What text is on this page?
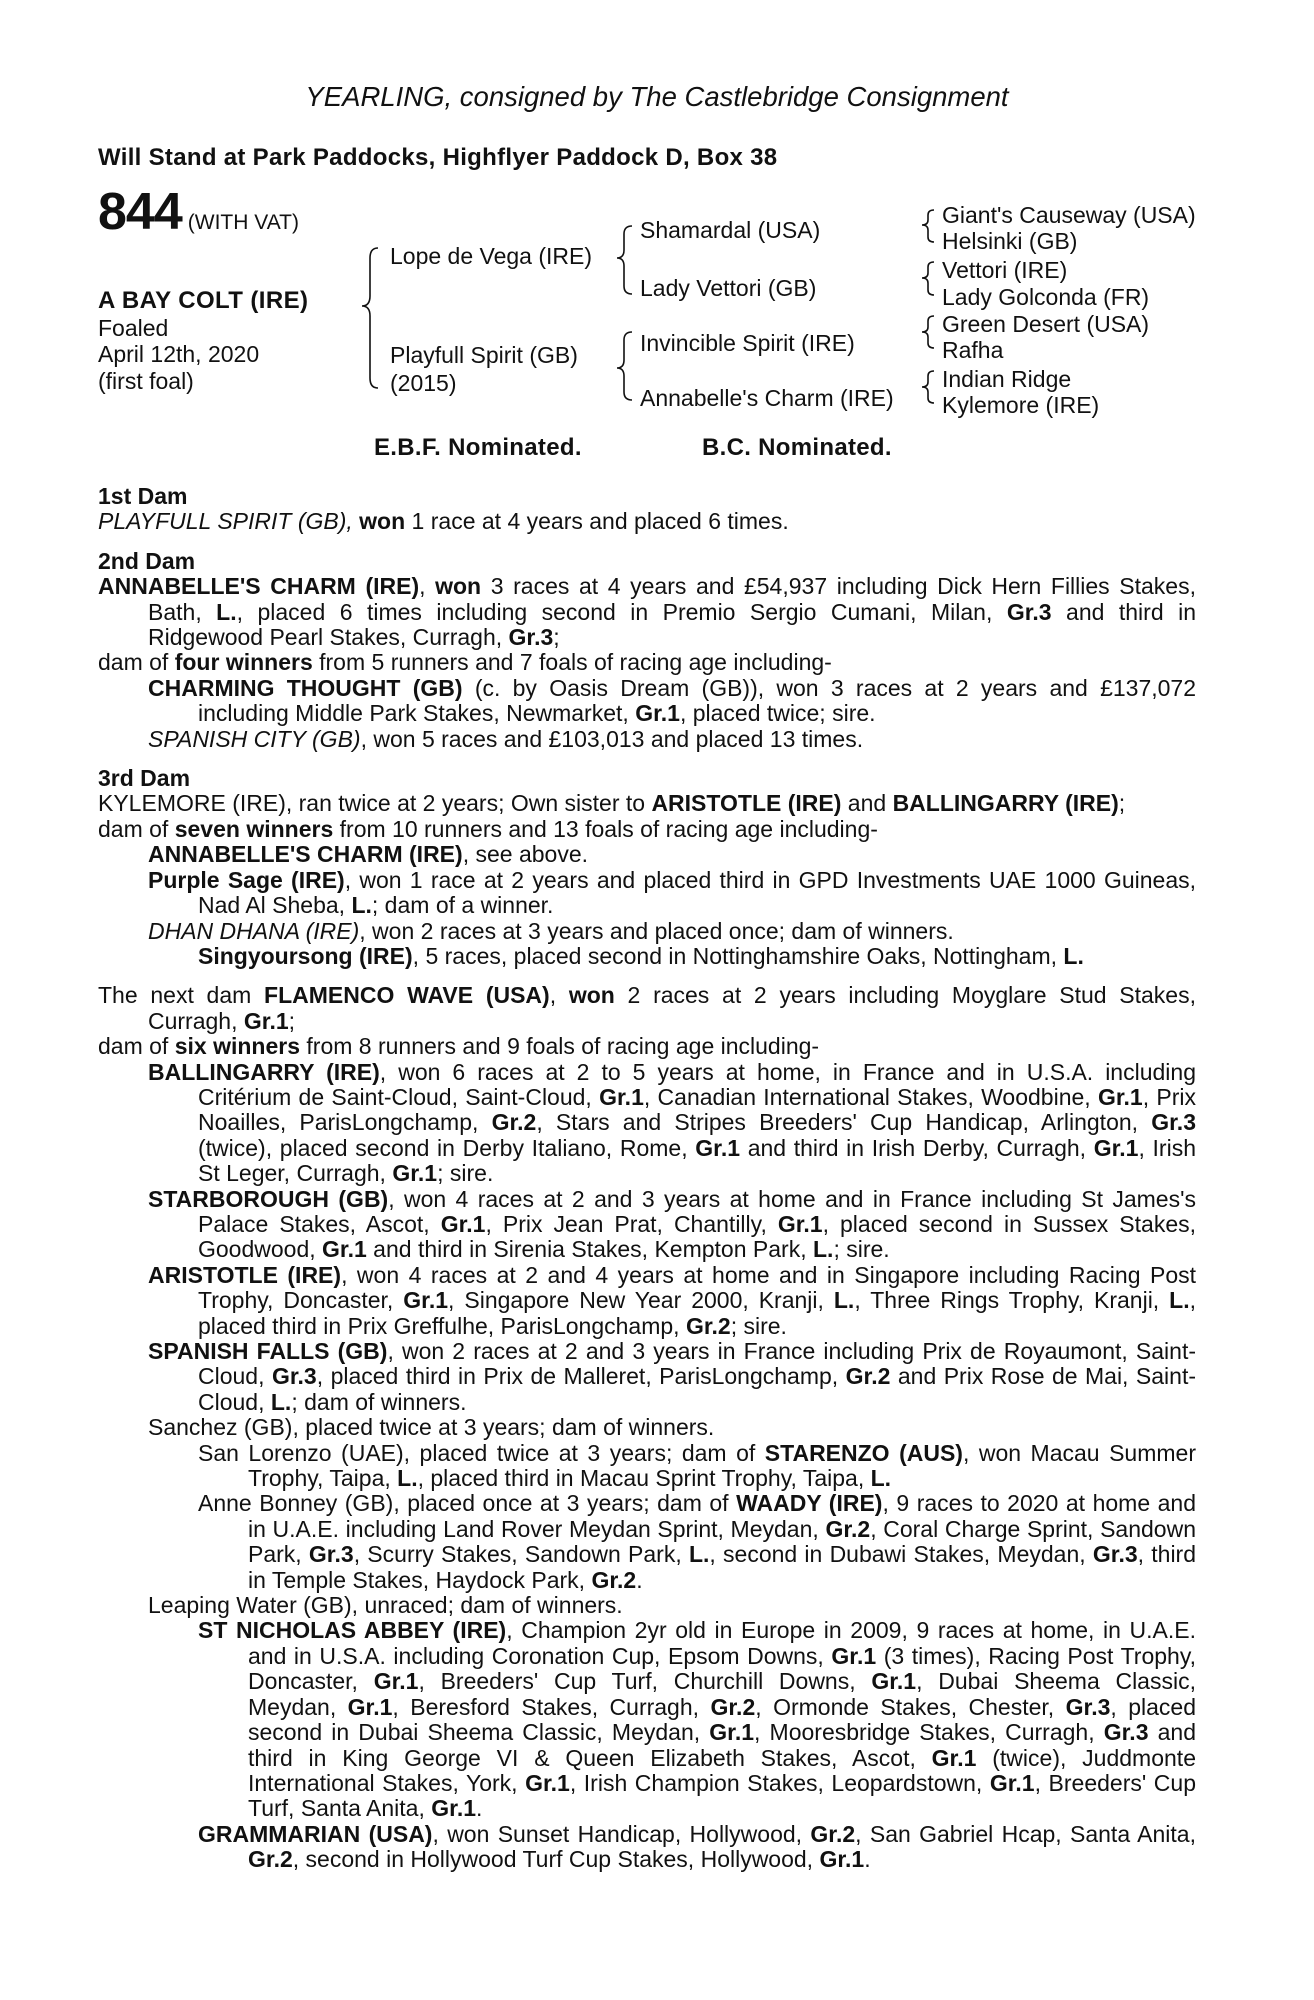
YEARLING, consigned by The Castlebridge Consignment
Will Stand at Park Paddocks, Highflyer Paddock D, Box 38
844 (WITH VAT)
A BAY COLT (IRE)
Foaled
April 12th, 2020
(first foal)
Lope de Vega (IRE)
Playfull Spirit (GB)
(2015)
Shamardal (USA)
Lady Vettori (GB)
Invincible Spirit (IRE)
Annabelle's Charm (IRE)
Giant's Causeway (USA)
Helsinki (GB)
Vettori (IRE)
Lady Golconda (FR)
Green Desert (USA)
Rafha
Indian Ridge
Kylemore (IRE)
E.B.F. Nominated.	B.C. Nominated.
1st Dam
PLAYFULL SPIRIT (GB), won 1 race at 4 years and placed 6 times.
2nd Dam
ANNABELLE'S CHARM (IRE), won 3 races at 4 years and £54,937 including Dick Hern Fillies Stakes, Bath, L., placed 6 times including second in Premio Sergio Cumani, Milan, Gr.3 and third in Ridgewood Pearl Stakes, Curragh, Gr.3;
dam of four winners from 5 runners and 7 foals of racing age including-
CHARMING THOUGHT (GB) (c. by Oasis Dream (GB)), won 3 races at 2 years and £137,072 including Middle Park Stakes, Newmarket, Gr.1, placed twice; sire.
SPANISH CITY (GB), won 5 races and £103,013 and placed 13 times.
3rd Dam
KYLEMORE (IRE), ran twice at 2 years; Own sister to ARISTOTLE (IRE) and BALLINGARRY (IRE);
dam of seven winners from 10 runners and 13 foals of racing age including-
ANNABELLE'S CHARM (IRE), see above.
Purple Sage (IRE), won 1 race at 2 years and placed third in GPD Investments UAE 1000 Guineas, Nad Al Sheba, L.; dam of a winner.
DHAN DHANA (IRE), won 2 races at 3 years and placed once; dam of winners.
Singyoursong (IRE), 5 races, placed second in Nottinghamshire Oaks, Nottingham, L.
The next dam FLAMENCO WAVE (USA), won 2 races at 2 years including Moyglare Stud Stakes, Curragh, Gr.1;
dam of six winners from 8 runners and 9 foals of racing age including-
BALLINGARRY (IRE), won 6 races at 2 to 5 years at home, in France and in U.S.A. including Critérium de Saint-Cloud, Saint-Cloud, Gr.1, Canadian International Stakes, Woodbine, Gr.1, Prix Noailles, ParisLongchamp, Gr.2, Stars and Stripes Breeders' Cup Handicap, Arlington, Gr.3 (twice), placed second in Derby Italiano, Rome, Gr.1 and third in Irish Derby, Curragh, Gr.1, Irish St Leger, Curragh, Gr.1; sire.
STARBOROUGH (GB), won 4 races at 2 and 3 years at home and in France including St James's Palace Stakes, Ascot, Gr.1, Prix Jean Prat, Chantilly, Gr.1, placed second in Sussex Stakes, Goodwood, Gr.1 and third in Sirenia Stakes, Kempton Park, L.; sire.
ARISTOTLE (IRE), won 4 races at 2 and 4 years at home and in Singapore including Racing Post Trophy, Doncaster, Gr.1, Singapore New Year 2000, Kranji, L., Three Rings Trophy, Kranji, L., placed third in Prix Greffulhe, ParisLongchamp, Gr.2; sire.
SPANISH FALLS (GB), won 2 races at 2 and 3 years in France including Prix de Royaumont, Saint-Cloud, Gr.3, placed third in Prix de Malleret, ParisLongchamp, Gr.2 and Prix Rose de Mai, Saint-Cloud, L.; dam of winners.
Sanchez (GB), placed twice at 3 years; dam of winners.
San Lorenzo (UAE), placed twice at 3 years; dam of STARENZO (AUS), won Macau Summer Trophy, Taipa, L., placed third in Macau Sprint Trophy, Taipa, L.
Anne Bonney (GB), placed once at 3 years; dam of WAADY (IRE), 9 races to 2020 at home and in U.A.E. including Land Rover Meydan Sprint, Meydan, Gr.2, Coral Charge Sprint, Sandown Park, Gr.3, Scurry Stakes, Sandown Park, L., second in Dubawi Stakes, Meydan, Gr.3, third in Temple Stakes, Haydock Park, Gr.2.
Leaping Water (GB), unraced; dam of winners.
ST NICHOLAS ABBEY (IRE), Champion 2yr old in Europe in 2009, 9 races at home, in U.A.E. and in U.S.A. including Coronation Cup, Epsom Downs, Gr.1 (3 times), Racing Post Trophy, Doncaster, Gr.1, Breeders' Cup Turf, Churchill Downs, Gr.1, Dubai Sheema Classic, Meydan, Gr.1, Beresford Stakes, Curragh, Gr.2, Ormonde Stakes, Chester, Gr.3, placed second in Dubai Sheema Classic, Meydan, Gr.1, Mooresbridge Stakes, Curragh, Gr.3 and third in King George VI & Queen Elizabeth Stakes, Ascot, Gr.1 (twice), Juddmonte International Stakes, York, Gr.1, Irish Champion Stakes, Leopardstown, Gr.1, Breeders' Cup Turf, Santa Anita, Gr.1.
GRAMMARIAN (USA), won Sunset Handicap, Hollywood, Gr.2, San Gabriel Hcap, Santa Anita, Gr.2, second in Hollywood Turf Cup Stakes, Hollywood, Gr.1.
